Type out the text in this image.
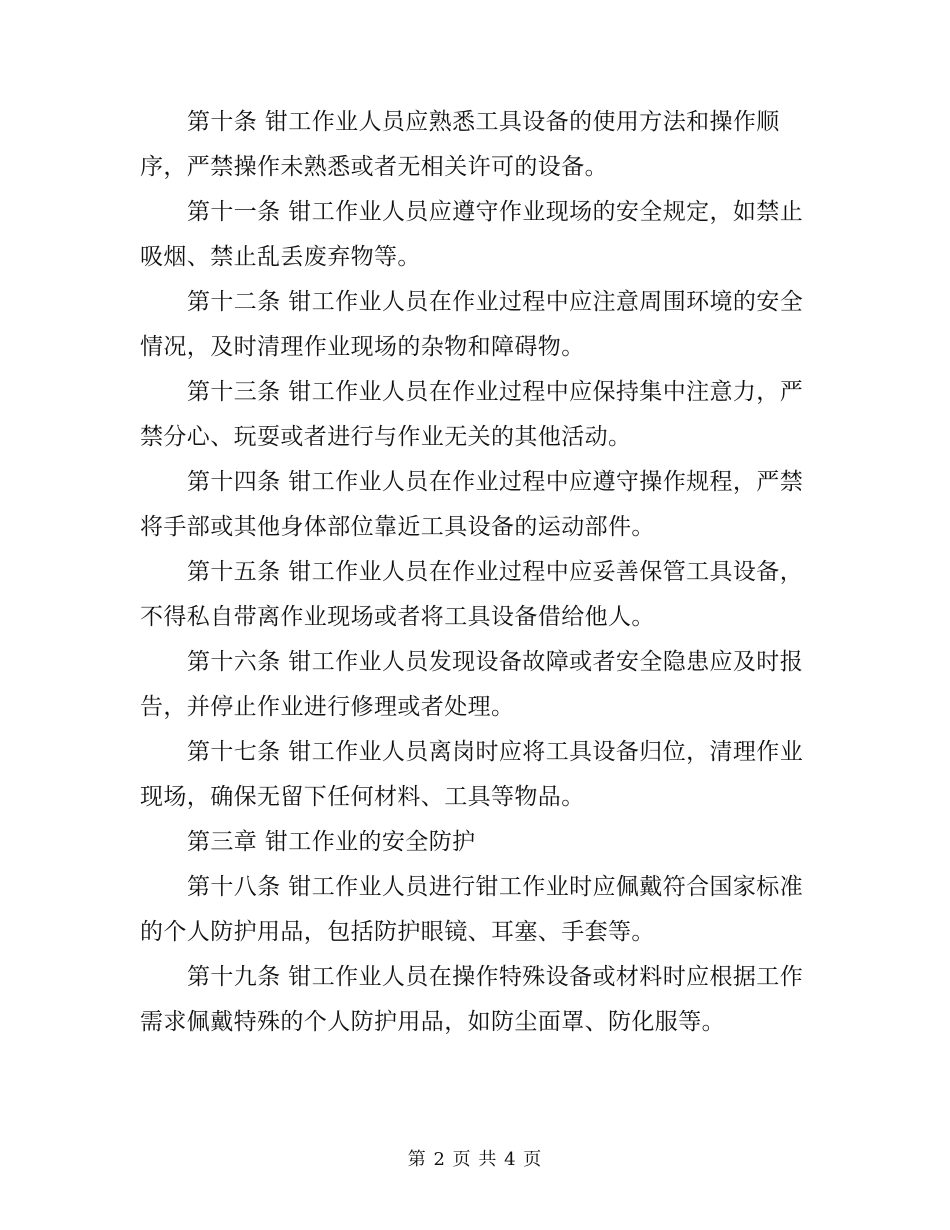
第十条 钳工作业人员应熟悉工具设备的使用方法和操作顺
序，严禁操作未熟悉或者无相关许可的设备。

第十一条 钳工作业人员应遵守作业现场的安全规定，如禁止
吸烟、禁止乱丢废弃物等。

第十二条 钳工作业人员在作业过程中应注意周围环境的安全
情况，及时清理作业现场的杂物和障碍物。

第十三条 钳工作业人员在作业过程中应保持集中注意力，严
禁分心、玩耍或者进行与作业无关的其他活动。

第十四条 钳工作业人员在作业过程中应遵守操作规程，严禁
将手部或其他身体部位靠近工具设备的运动部件。

第十五条 钳工作业人员在作业过程中应妥善保管工具设备，
不得私自带离作业现场或者将工具设备借给他人。

第十六条 钳工作业人员发现设备故障或者安全隐患应及时报
告，并停止作业进行修理或者处理。

第十七条 钳工作业人员离岗时应将工具设备归位，清理作业
现场，确保无留下任何材料、工具等物品。

第三章 钳工作业的安全防护

第十八条 钳工作业人员进行钳工作业时应佩戴符合国家标准
的个人防护用品，包括防护眼镜、耳塞、手套等。

第十九条 钳工作业人员在操作特殊设备或材料时应根据工作
需求佩戴特殊的个人防护用品，如防尘面罩、防化服等。

第 2 页 共 4 页
